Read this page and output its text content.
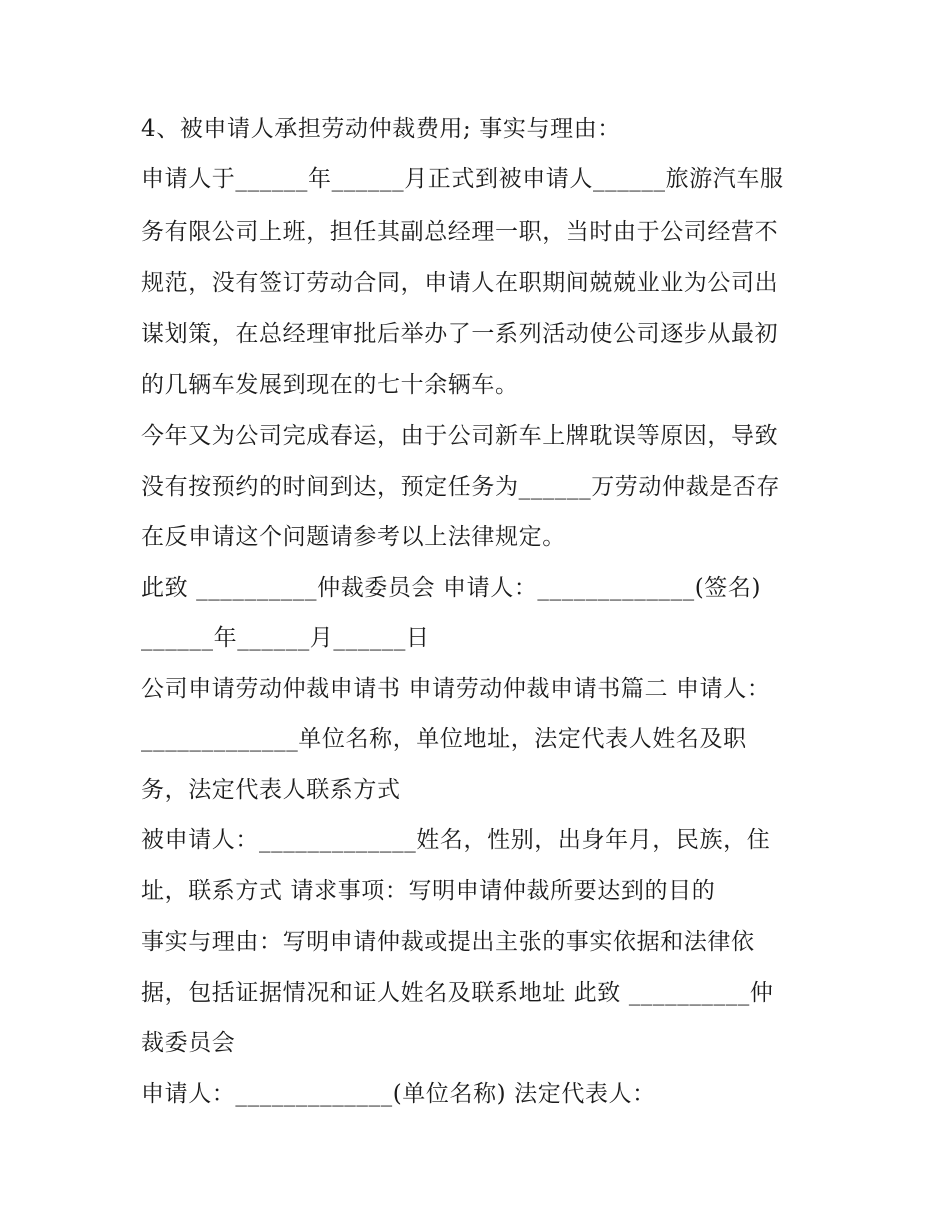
4、被申请人承担劳动仲裁费用; 事实与理由：
申请人于______年______月正式到被申请人______旅游汽车服
务有限公司上班，担任其副总经理一职，当时由于公司经营不
规范，没有签订劳动合同，申请人在职期间兢兢业业为公司出
谋划策，在总经理审批后举办了一系列活动使公司逐步从最初
的几辆车发展到现在的七十余辆车。
今年又为公司完成春运，由于公司新车上牌耽误等原因，导致
没有按预约的时间到达，预定任务为______万劳动仲裁是否存
在反申请这个问题请参考以上法律规定。
此致 __________仲裁委员会 申请人：_____________(签名)
______年______月______日
公司申请劳动仲裁申请书 申请劳动仲裁申请书篇二 申请人：
_____________单位名称，单位地址，法定代表人姓名及职
务，法定代表人联系方式
被申请人：_____________姓名，性别，出身年月，民族，住
址，联系方式 请求事项：写明申请仲裁所要达到的目的
事实与理由：写明申请仲裁或提出主张的事实依据和法律依
据，包括证据情况和证人姓名及联系地址 此致 __________仲
裁委员会
申请人：_____________(单位名称) 法定代表人：
